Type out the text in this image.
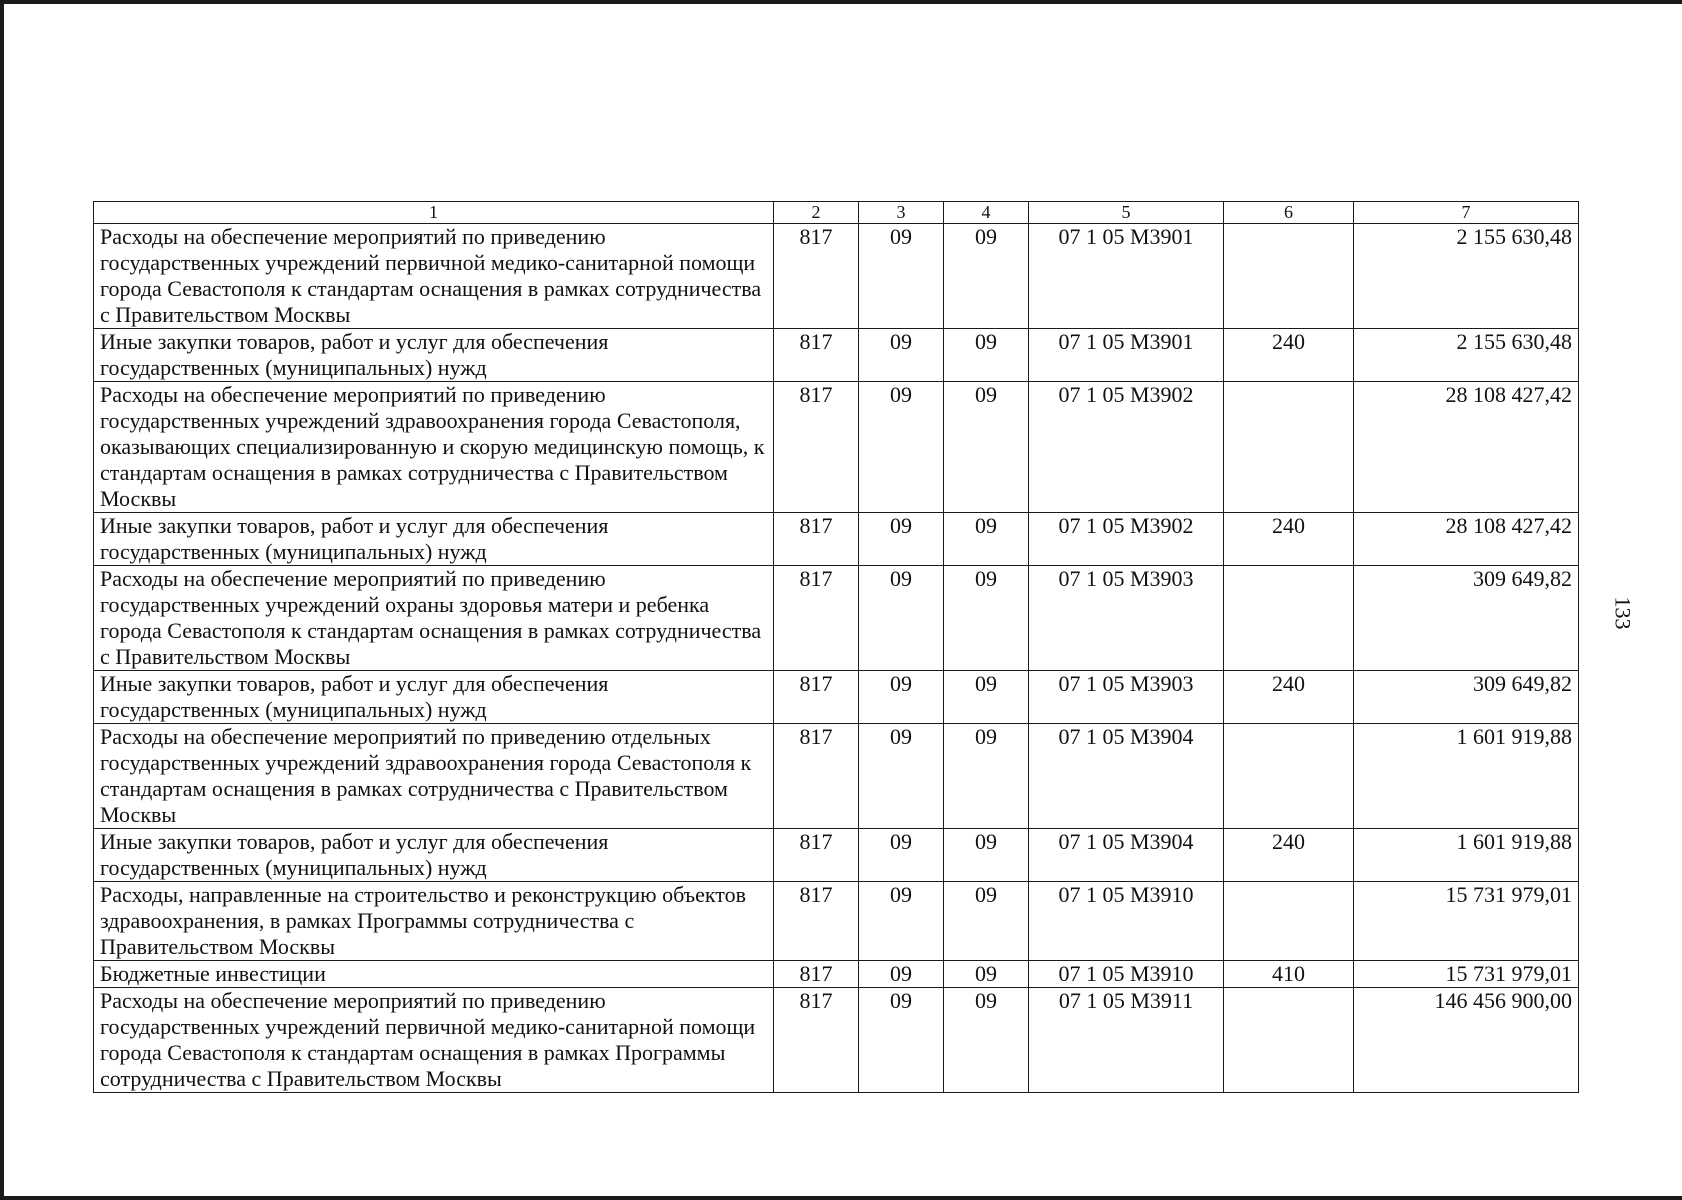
133
1	2	3	4	5	6	7
Расходы на обеспечение мероприятий по приведению государственных учреждений первичной медико-санитарной помощи города Севастополя к стандартам оснащения в рамках сотрудничества с Правительством Москвы	817	09	09	07 1 05 М3901		2 155 630,48
Иные закупки товаров, работ и услуг для обеспечения государственных (муниципальных) нужд	817	09	09	07 1 05 М3901	240	2 155 630,48
Расходы на обеспечение мероприятий по приведению государственных учреждений здравоохранения города Севастополя, оказывающих специализированную и скорую медицинскую помощь, к стандартам оснащения в рамках сотрудничества с Правительством Москвы	817	09	09	07 1 05 М3902		28 108 427,42
Иные закупки товаров, работ и услуг для обеспечения государственных (муниципальных) нужд	817	09	09	07 1 05 М3902	240	28 108 427,42
Расходы на обеспечение мероприятий по приведению государственных учреждений охраны здоровья матери и ребенка города Севастополя к стандартам оснащения в рамках сотрудничества с Правительством Москвы	817	09	09	07 1 05 М3903		309 649,82
Иные закупки товаров, работ и услуг для обеспечения государственных (муниципальных) нужд	817	09	09	07 1 05 М3903	240	309 649,82
Расходы на обеспечение мероприятий по приведению отдельных государственных учреждений здравоохранения города Севастополя к стандартам оснащения в рамках сотрудничества с Правительством Москвы	817	09	09	07 1 05 М3904		1 601 919,88
Иные закупки товаров, работ и услуг для обеспечения государственных (муниципальных) нужд	817	09	09	07 1 05 М3904	240	1 601 919,88
Расходы, направленные на строительство и реконструкцию объектов здравоохранения, в рамках Программы сотрудничества с Правительством Москвы	817	09	09	07 1 05 М3910		15 731 979,01
Бюджетные инвестиции	817	09	09	07 1 05 М3910	410	15 731 979,01
Расходы на обеспечение мероприятий по приведению государственных учреждений первичной медико-санитарной помощи города Севастополя к стандартам оснащения в рамках Программы сотрудничества с Правительством Москвы	817	09	09	07 1 05 М3911		146 456 900,00
